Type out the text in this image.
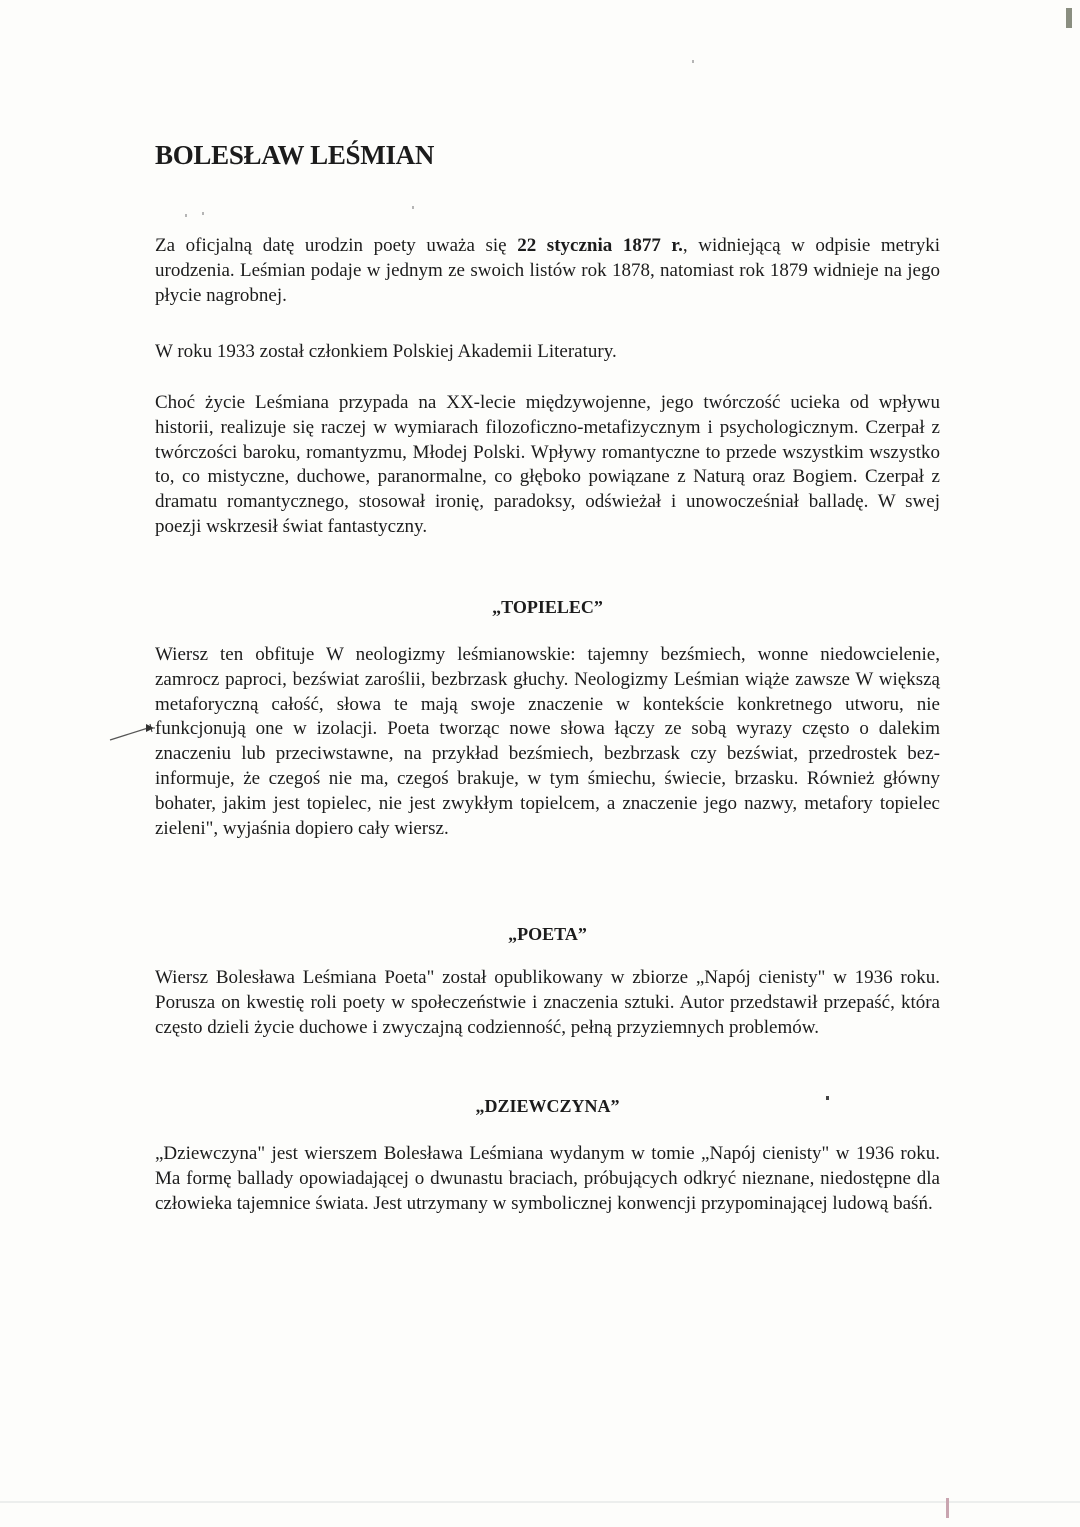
BOLESŁAW LEŚMIAN

Za oficjalną datę urodzin poety uważa się 22 stycznia 1877 r., widniejącą w odpisie metryki urodzenia. Leśmian podaje w jednym ze swoich listów rok 1878, natomiast rok 1879 widnieje na jego płycie nagrobnej.

W roku 1933 został członkiem Polskiej Akademii Literatury.

Choć życie Leśmiana przypada na XX-lecie międzywojenne, jego twórczość ucieka od wpływu historii, realizuje się raczej w wymiarach filozoficzno-metafizycznym i psychologicznym. Czerpał z twórczości baroku, romantyzmu, Młodej Polski. Wpływy romantyczne to przede wszystkim wszystko to, co mistyczne, duchowe, paranormalne, co głęboko powiązane z Naturą oraz Bogiem. Czerpał z dramatu romantycznego, stosował ironię, paradoksy, odświeżał i unowocześniał balladę. W swej poezji wskrzesił świat fantastyczny.

„TOPIELEC”

Wiersz ten obfituje W neologizmy leśmianowskie: tajemny bezśmiech, wonne niedowcielenie, zamrocz paproci, bezświat zaroślii, bezbrzask głuchy. Neologizmy Leśmian wiąże zawsze W większą metaforyczną całość, słowa te mają swoje znaczenie w kontekście konkretnego utworu, nie funkcjonują one w izolacji. Poeta tworząc nowe słowa łączy ze sobą wyrazy często o dalekim znaczeniu lub przeciwstawne, na przykład bezśmiech, bezbrzask czy bezświat, przedrostek bez- informuje, że czegoś nie ma, czegoś brakuje, w tym śmiechu, świecie, brzasku. Również główny bohater, jakim jest topielec, nie jest zwykłym topielcem, a znaczenie jego nazwy, metafory topielec zieleni", wyjaśnia dopiero cały wiersz.

„POETA”

Wiersz Bolesława Leśmiana Poeta" został opublikowany w zbiorze „Napój cienisty" w 1936 roku. Porusza on kwestię roli poety w społeczeństwie i znaczenia sztuki. Autor przedstawił przepaść, która często dzieli życie duchowe i zwyczajną codzienność, pełną przyziemnych problemów.

„DZIEWCZYNA”

„Dziewczyna" jest wierszem Bolesława Leśmiana wydanym w tomie „Napój cienisty" w 1936 roku. Ma formę ballady opowiadającej o dwunastu braciach, próbujących odkryć nieznane, niedostępne dla człowieka tajemnice świata. Jest utrzymany w symbolicznej konwencji przypominającej ludową baśń.
